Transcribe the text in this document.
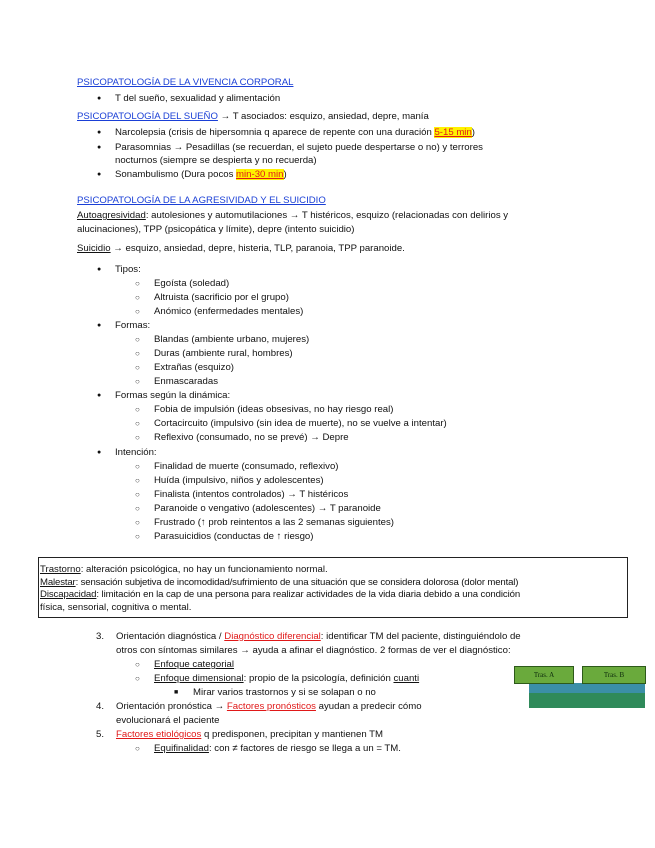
PSICOPATOLOGÍA DE LA VIVENCIA CORPORAL
● T del sueño, sexualidad y alimentación
PSICOPATOLOGÍA DEL SUEÑO → T asociados: esquizo, ansiedad, depre, manía
● Narcolepsia (crisis de hipersomnia q aparece de repente con una duración 5-15 min)
● Parasomnias → Pesadillas (se recuerdan, el sujeto puede despertarse o no) y terrores
nocturnos (siempre se despierta y no recuerda)
● Sonambulismo (Dura pocos min-30 min)
PSICOPATOLOGÍA DE LA AGRESIVIDAD Y EL SUICIDIO
Autoagresividad: autolesiones y automutilaciones → T histéricos, esquizo (relacionadas con delirios y
alucinaciones), TPP (psicopática y límite), depre (intento suicidio)
Suicidio → esquizo, ansiedad, depre, histeria, TLP, paranoia, TPP paranoide.
● Tipos:
○ Egoísta (soledad)
○ Altruista (sacrificio por el grupo)
○ Anómico (enfermedades mentales)
● Formas:
○ Blandas (ambiente urbano, mujeres)
○ Duras (ambiente rural, hombres)
○ Extrañas (esquizo)
○ Enmascaradas
● Formas según la dinámica:
○ Fobia de impulsión (ideas obsesivas, no hay riesgo real)
○ Cortacircuito (impulsivo (sin idea de muerte), no se vuelve a intentar)
○ Reflexivo (consumado, no se prevé) → Depre
● Intención:
○ Finalidad de muerte (consumado, reflexivo)
○ Huída (impulsivo, niños y adolescentes)
○ Finalista (intentos controlados) → T histéricos
○ Paranoide o vengativo (adolescentes) → T paranoide
○ Frustrado (↑ prob reintentos a las 2 semanas siguientes)
○ Parasuicidios (conductas de ↑ riesgo)
Trastorno: alteración psicológica, no hay un funcionamiento normal.
Malestar: sensación subjetiva de incomodidad/sufrimiento de una situación que se considera dolorosa (dolor mental)
Discapacidad: limitación en la cap de una persona para realizar actividades de la vida diaria debido a una condición
física, sensorial, cognitiva o mental.
3. Orientación diagnóstica / Diagnóstico diferencial: identificar TM del paciente, distinguiéndolo de
otros con síntomas similares → ayuda a afinar el diagnóstico. 2 formas de ver el diagnóstico:
○ Enfoque categorial
○ Enfoque dimensional: propio de la psicología, definición cuanti
■ Mirar varios trastornos y si se solapan o no
4. Orientación pronóstica → Factores pronósticos ayudan a predecir cómo
evolucionará el paciente
5. Factores etiológicos q predisponen, precipitan y mantienen TM
○ Equifinalidad: con ≠ factores de riesgo se llega a un = TM.
Tras. A	Tras. B
